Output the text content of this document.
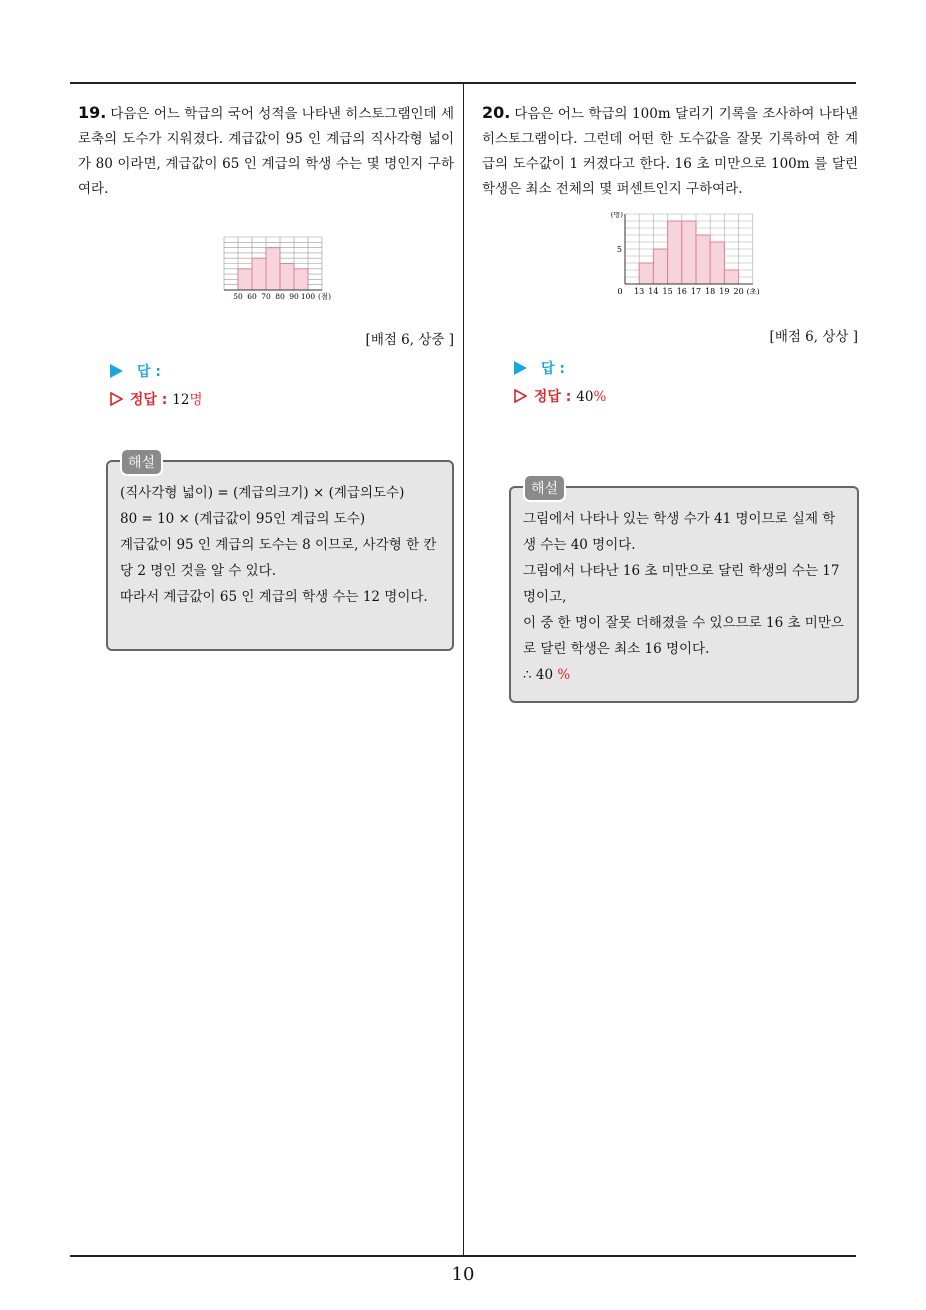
19. 다음은 어느 학급의 국어 성적을 나타낸 히스토그램인데 세로축의 도수가 지워졌다. 계급값이 95 인 계급의 직사각형 넓이가 80 이라면, 계급값이 65 인 계급의 학생 수는 몇 명인지 구하여라.
50 60 70 80 90 100 (점)
[배점 6, 상중 ]
답 :
정답 : 12명
해설
(직사각형 넓이) = (계급의크기) × (계급의도수)
80 = 10 × (계급값이 95인 계급의 도수)
계급값이 95 인 계급의 도수는 8 이므로, 사각형 한 칸당 2 명인 것을 알 수 있다.
따라서 계급값이 65 인 계급의 학생 수는 12 명이다.
20. 다음은 어느 학급의 100m 달리기 기록을 조사하여 나타낸 히스토그램이다. 그런데 어떤 한 도수값을 잘못 기록하여 한 계급의 도수값이 1 커졌다고 한다. 16 초 미만으로 100m 를 달린 학생은 최소 전체의 몇 퍼센트인지 구하여라.
(명)
5
0 13 14 15 16 17 18 19 20 (초)
[배점 6, 상상 ]
답 :
정답 : 40%
해설
그림에서 나타나 있는 학생 수가 41 명이므로 실제 학생 수는 40 명이다.
그림에서 나타난 16 초 미만으로 달린 학생의 수는 17 명이고,
이 중 한 명이 잘못 더해졌을 수 있으므로 16 초 미만으로 달린 학생은 최소 16 명이다.
∴ 40 %
10
